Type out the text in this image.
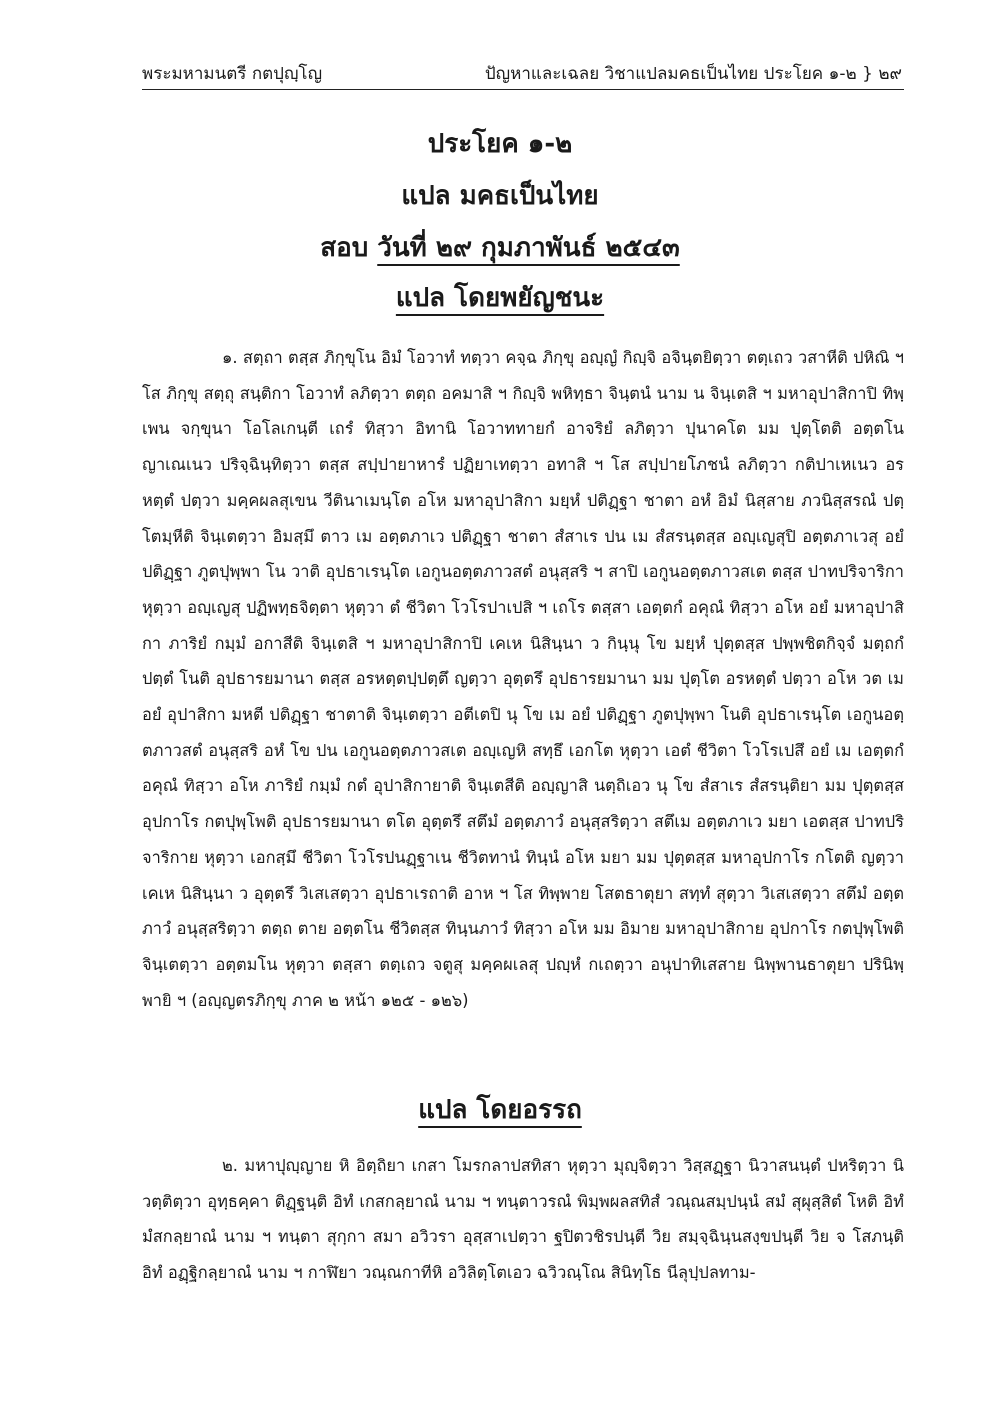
พระมหามนตรี กตปุญฺโญ	ปัญหาและเฉลย วิชาแปลมคธเป็นไทย ประโยค ๑-๒ } ๒๙
ประโยค ๑-๒
แปล มคธเป็นไทย
สอบ วันที่ ๒๙ กุมภาพันธ์ ๒๕๔๓
แปล โดยพยัญชนะ

๑. สตฺถา ตสฺส ภิกฺขุโน อิมํ โอวาทํ ทตฺวา คจฺฉ ภิกฺขุ อญฺญํ กิญฺจิ อจินฺตยิตฺวา ตตฺเถว วสาหีติ ปหิณิ ฯ โส ภิกฺขุ สตฺถุ สนฺติกา โอวาทํ ลภิตฺวา ตตฺถ อคมาสิ ฯ กิญฺจิ พหิทฺธา จินฺตนํ นาม น จินฺเตสิ ฯ มหาอุปาสิกาปิ ทิพฺเพน จกฺขุนา โอโลเกนฺตี เถรํ ทิสฺวา อิทานิ โอวาททายกํ อาจริยํ ลภิตฺวา ปุนาคโต มม ปุตฺโตติ อตฺตโน ญาเณเนว ปริจฺฉินฺทิตฺวา ตสฺส สปฺปายาหารํ ปฏิยาเทตฺวา อทาสิ ฯ โส สปฺปายโภชนํ ลภิตฺวา กติปาเหเนว อรหตฺตํ ปตฺวา มคฺคผลสุเขน วีตินาเมนฺโต อโห มหาอุปาสิกา มยฺหํ ปติฏฺฐา ชาตา อหํ อิมํ นิสฺสาย ภวนิสฺสรณํ ปตฺโตมฺหีติ จินฺเตตฺวา อิมสฺมึ ตาว เม อตฺตภาเว ปติฏฺฐา ชาตา สํสาเร ปน เม สํสรนฺตสฺส อญฺเญสุปิ อตฺตภาเวสุ อยํ ปติฏฺฐา ภูตปุพฺพา โน วาติ อุปธาเรนฺโต เอกูนอตฺตภาวสตํ อนุสฺสริ ฯ สาปิ เอกูนอตฺตภาวสเต ตสฺส ปาทปริจาริกา หุตฺวา อญฺเญสุ ปฏิพทฺธจิตฺตา หุตฺวา ตํ ชีวิตา โวโรปาเปสิ ฯ เถโร ตสฺสา เอตฺตกํ อคุณํ ทิสฺวา อโห อยํ มหาอุปาสิกา ภาริยํ กมฺมํ อกาสีติ จินฺเตสิ ฯ มหาอุปาสิกาปิ เคเห นิสินฺนา ว กินฺนุ โข มยฺหํ ปุตฺตสฺส ปพฺพชิตกิจฺจํ มตฺถกํ ปตฺตํ โนติ อุปธารยมานา ตสฺส อรหตฺตปฺปตฺตึ ญตฺวา อุตฺตรึ อุปธารยมานา มม ปุตฺโต อรหตฺตํ ปตฺวา อโห วต เม อยํ อุปาสิกา มหตี ปติฏฺฐา ชาตาติ จินฺเตตฺวา อตีเตปิ นุ โข เม อยํ ปติฏฺฐา ภูตปุพฺพา โนติ อุปธาเรนฺโต เอกูนอตฺตภาวสตํ อนุสฺสริ อหํ โข ปน เอกูนอตฺตภาวสเต อญฺเญหิ สทฺธึ เอกโต หุตฺวา เอตํ ชีวิตา โวโรเปสึ อยํ เม เอตฺตกํ อคุณํ ทิสฺวา อโห ภาริยํ กมฺมํ กตํ อุปาสิกายาติ จินฺเตสีติ อญฺญาสิ นตฺถิเอว นุ โข สํสาเร สํสรนฺติยา มม ปุตฺตสฺส อุปกาโร กตปุพฺโพติ อุปธารยมานา ตโต อุตฺตรึ สตึมํ อตฺตภาวํ อนุสฺสริตฺวา สตึเม อตฺตภาเว มยา เอตสฺส ปาทปริจาริกาย หุตฺวา เอกสฺมึ ชีวิตา โวโรปนฏฺฐาเน ชีวิตทานํ ทินฺนํ อโห มยา มม ปุตฺตสฺส มหาอุปกาโร กโตติ ญตฺวา เคเห นิสินฺนา ว อุตฺตรึ วิเสเสตฺวา อุปธาเรถาติ อาห ฯ โส ทิพฺพาย โสตธาตุยา สทฺทํ สุตฺวา วิเสเสตฺวา สตึมํ อตฺตภาวํ อนุสฺสริตฺวา ตตฺถ ตาย อตฺตโน ชีวิตสฺส ทินฺนภาวํ ทิสฺวา อโห มม อิมาย มหาอุปาสิกาย อุปกาโร กตปุพฺโพติ จินฺเตตฺวา อตฺตมโน หุตฺวา ตสฺสา ตตฺเถว จตูสุ มคฺคผเลสุ ปญฺหํ กเถตฺวา อนุปาทิเสสาย นิพฺพานธาตุยา ปรินิพฺพายิ ฯ (อญฺญตรภิกฺขุ ภาค ๒ หน้า ๑๒๕ - ๑๒๖)

แปล โดยอรรถ

๒. มหาปุญฺญาย หิ อิตฺถิยา เกสา โมรกลาปสทิสา หุตฺวา มุญฺจิตฺวา วิสฺสฏฺฐา นิวาสนนฺตํ ปหริตฺวา นิวตฺติตฺวา อุทฺธคฺคา ติฏฺฐนฺติ อิทํ เกสกลฺยาณํ นาม ฯ ทนฺตาวรณํ พิมฺพผลสทิสํ วณฺณสมฺปนฺนํ สมํ สุผุสฺสิตํ โหติ อิทํ มํสกลฺยาณํ นาม ฯ ทนฺตา สุกฺกา สมา อวิวรา อุสฺสาเปตฺวา ฐปิตวชิรปนฺตี วิย สมฺจฺฉินฺนสงฺขปนฺตี วิย จ โสภนฺติ อิทํ อฏฺฐิกลฺยาณํ นาม ฯ กาฬิยา วณฺณกาทีหิ อวิลิตฺโตเอว ฉวิวณฺโณ สินิทฺโธ นีลุปฺปลทาม-
